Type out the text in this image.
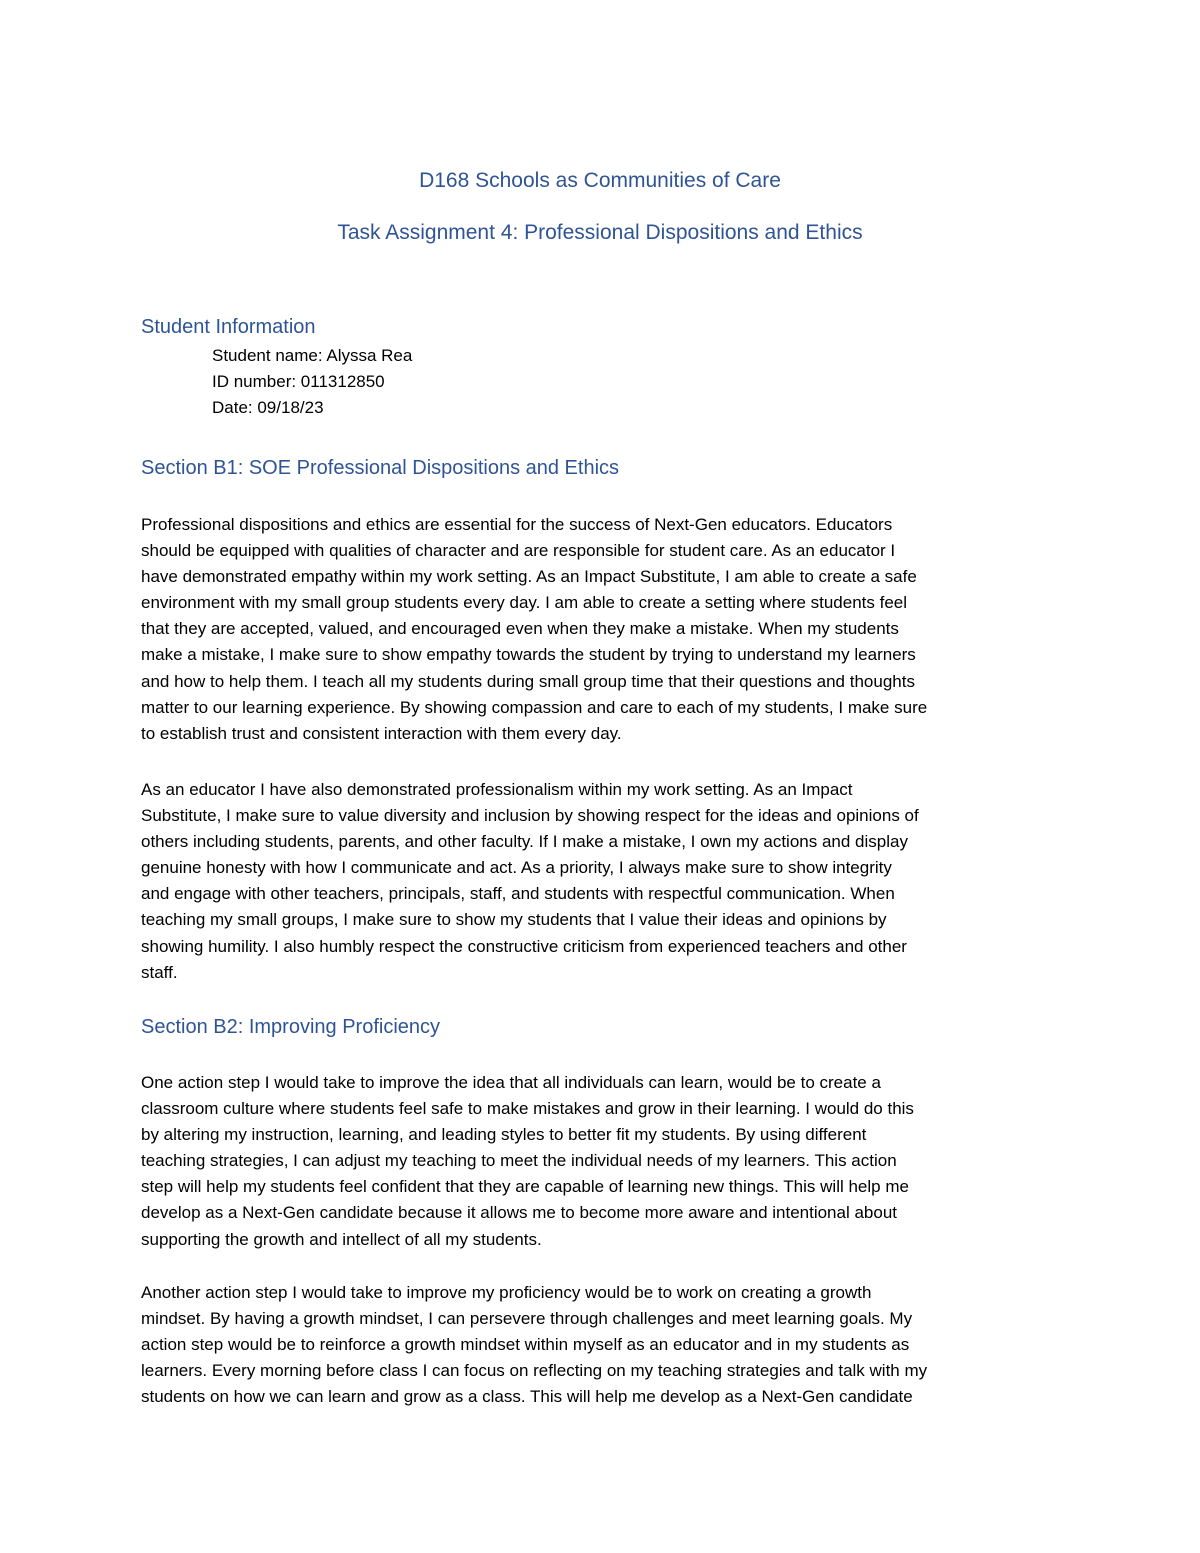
D168 Schools as Communities of Care
Task Assignment 4: Professional Dispositions and Ethics
Student Information
Student name: Alyssa Rea
ID number: 011312850
Date: 09/18/23
Section B1: SOE Professional Dispositions and Ethics

Professional dispositions and ethics are essential for the success of Next-Gen educators. Educators
should be equipped with qualities of character and are responsible for student care. As an educator I
have demonstrated empathy within my work setting. As an Impact Substitute, I am able to create a safe
environment with my small group students every day. I am able to create a setting where students feel
that they are accepted, valued, and encouraged even when they make a mistake. When my students
make a mistake, I make sure to show empathy towards the student by trying to understand my learners
and how to help them. I teach all my students during small group time that their questions and thoughts
matter to our learning experience. By showing compassion and care to each of my students, I make sure
to establish trust and consistent interaction with them every day.

As an educator I have also demonstrated professionalism within my work setting. As an Impact
Substitute, I make sure to value diversity and inclusion by showing respect for the ideas and opinions of
others including students, parents, and other faculty. If I make a mistake, I own my actions and display
genuine honesty with how I communicate and act. As a priority, I always make sure to show integrity
and engage with other teachers, principals, staff, and students with respectful communication. When
teaching my small groups, I make sure to show my students that I value their ideas and opinions by
showing humility. I also humbly respect the constructive criticism from experienced teachers and other
staff.

Section B2: Improving Proficiency

One action step I would take to improve the idea that all individuals can learn, would be to create a
classroom culture where students feel safe to make mistakes and grow in their learning. I would do this
by altering my instruction, learning, and leading styles to better fit my students. By using different
teaching strategies, I can adjust my teaching to meet the individual needs of my learners. This action
step will help my students feel confident that they are capable of learning new things. This will help me
develop as a Next-Gen candidate because it allows me to become more aware and intentional about
supporting the growth and intellect of all my students.

Another action step I would take to improve my proficiency would be to work on creating a growth
mindset. By having a growth mindset, I can persevere through challenges and meet learning goals. My
action step would be to reinforce a growth mindset within myself as an educator and in my students as
learners. Every morning before class I can focus on reflecting on my teaching strategies and talk with my
students on how we can learn and grow as a class. This will help me develop as a Next-Gen candidate
